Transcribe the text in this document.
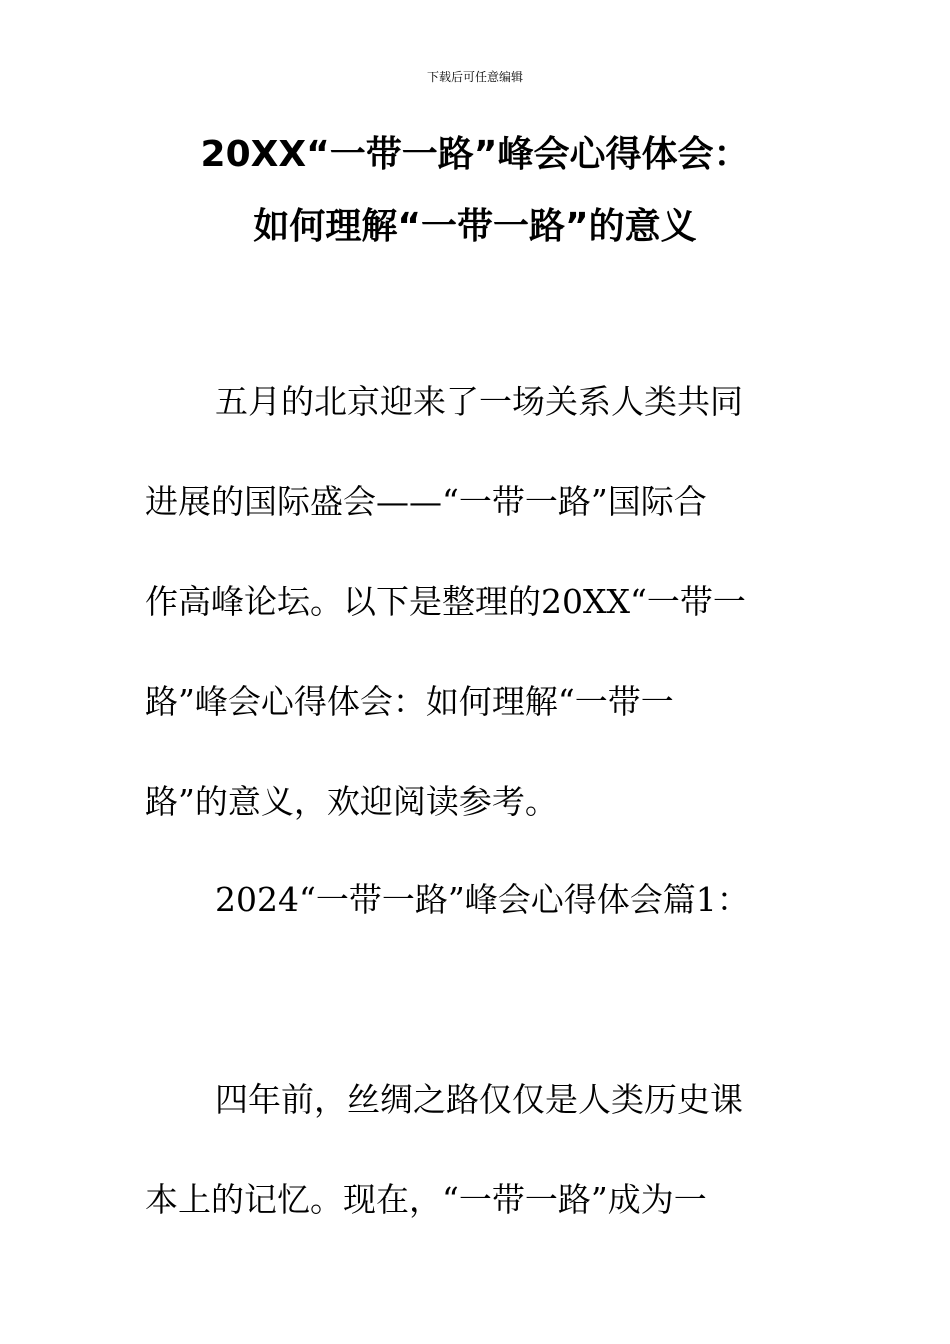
下载后可任意编辑
20XX“一带一路”峰会心得体会：
如何理解“一带一路”的意义
五月的北京迎来了一场关系人类共同
进展的国际盛会——“一带一路”国际合
作高峰论坛。以下是整理的20XX“一带一
路”峰会心得体会：如何理解“一带一
路”的意义，欢迎阅读参考。
2024“一带一路”峰会心得体会篇1：
四年前，丝绸之路仅仅是人类历史课
本上的记忆。现在，“一带一路”成为一
